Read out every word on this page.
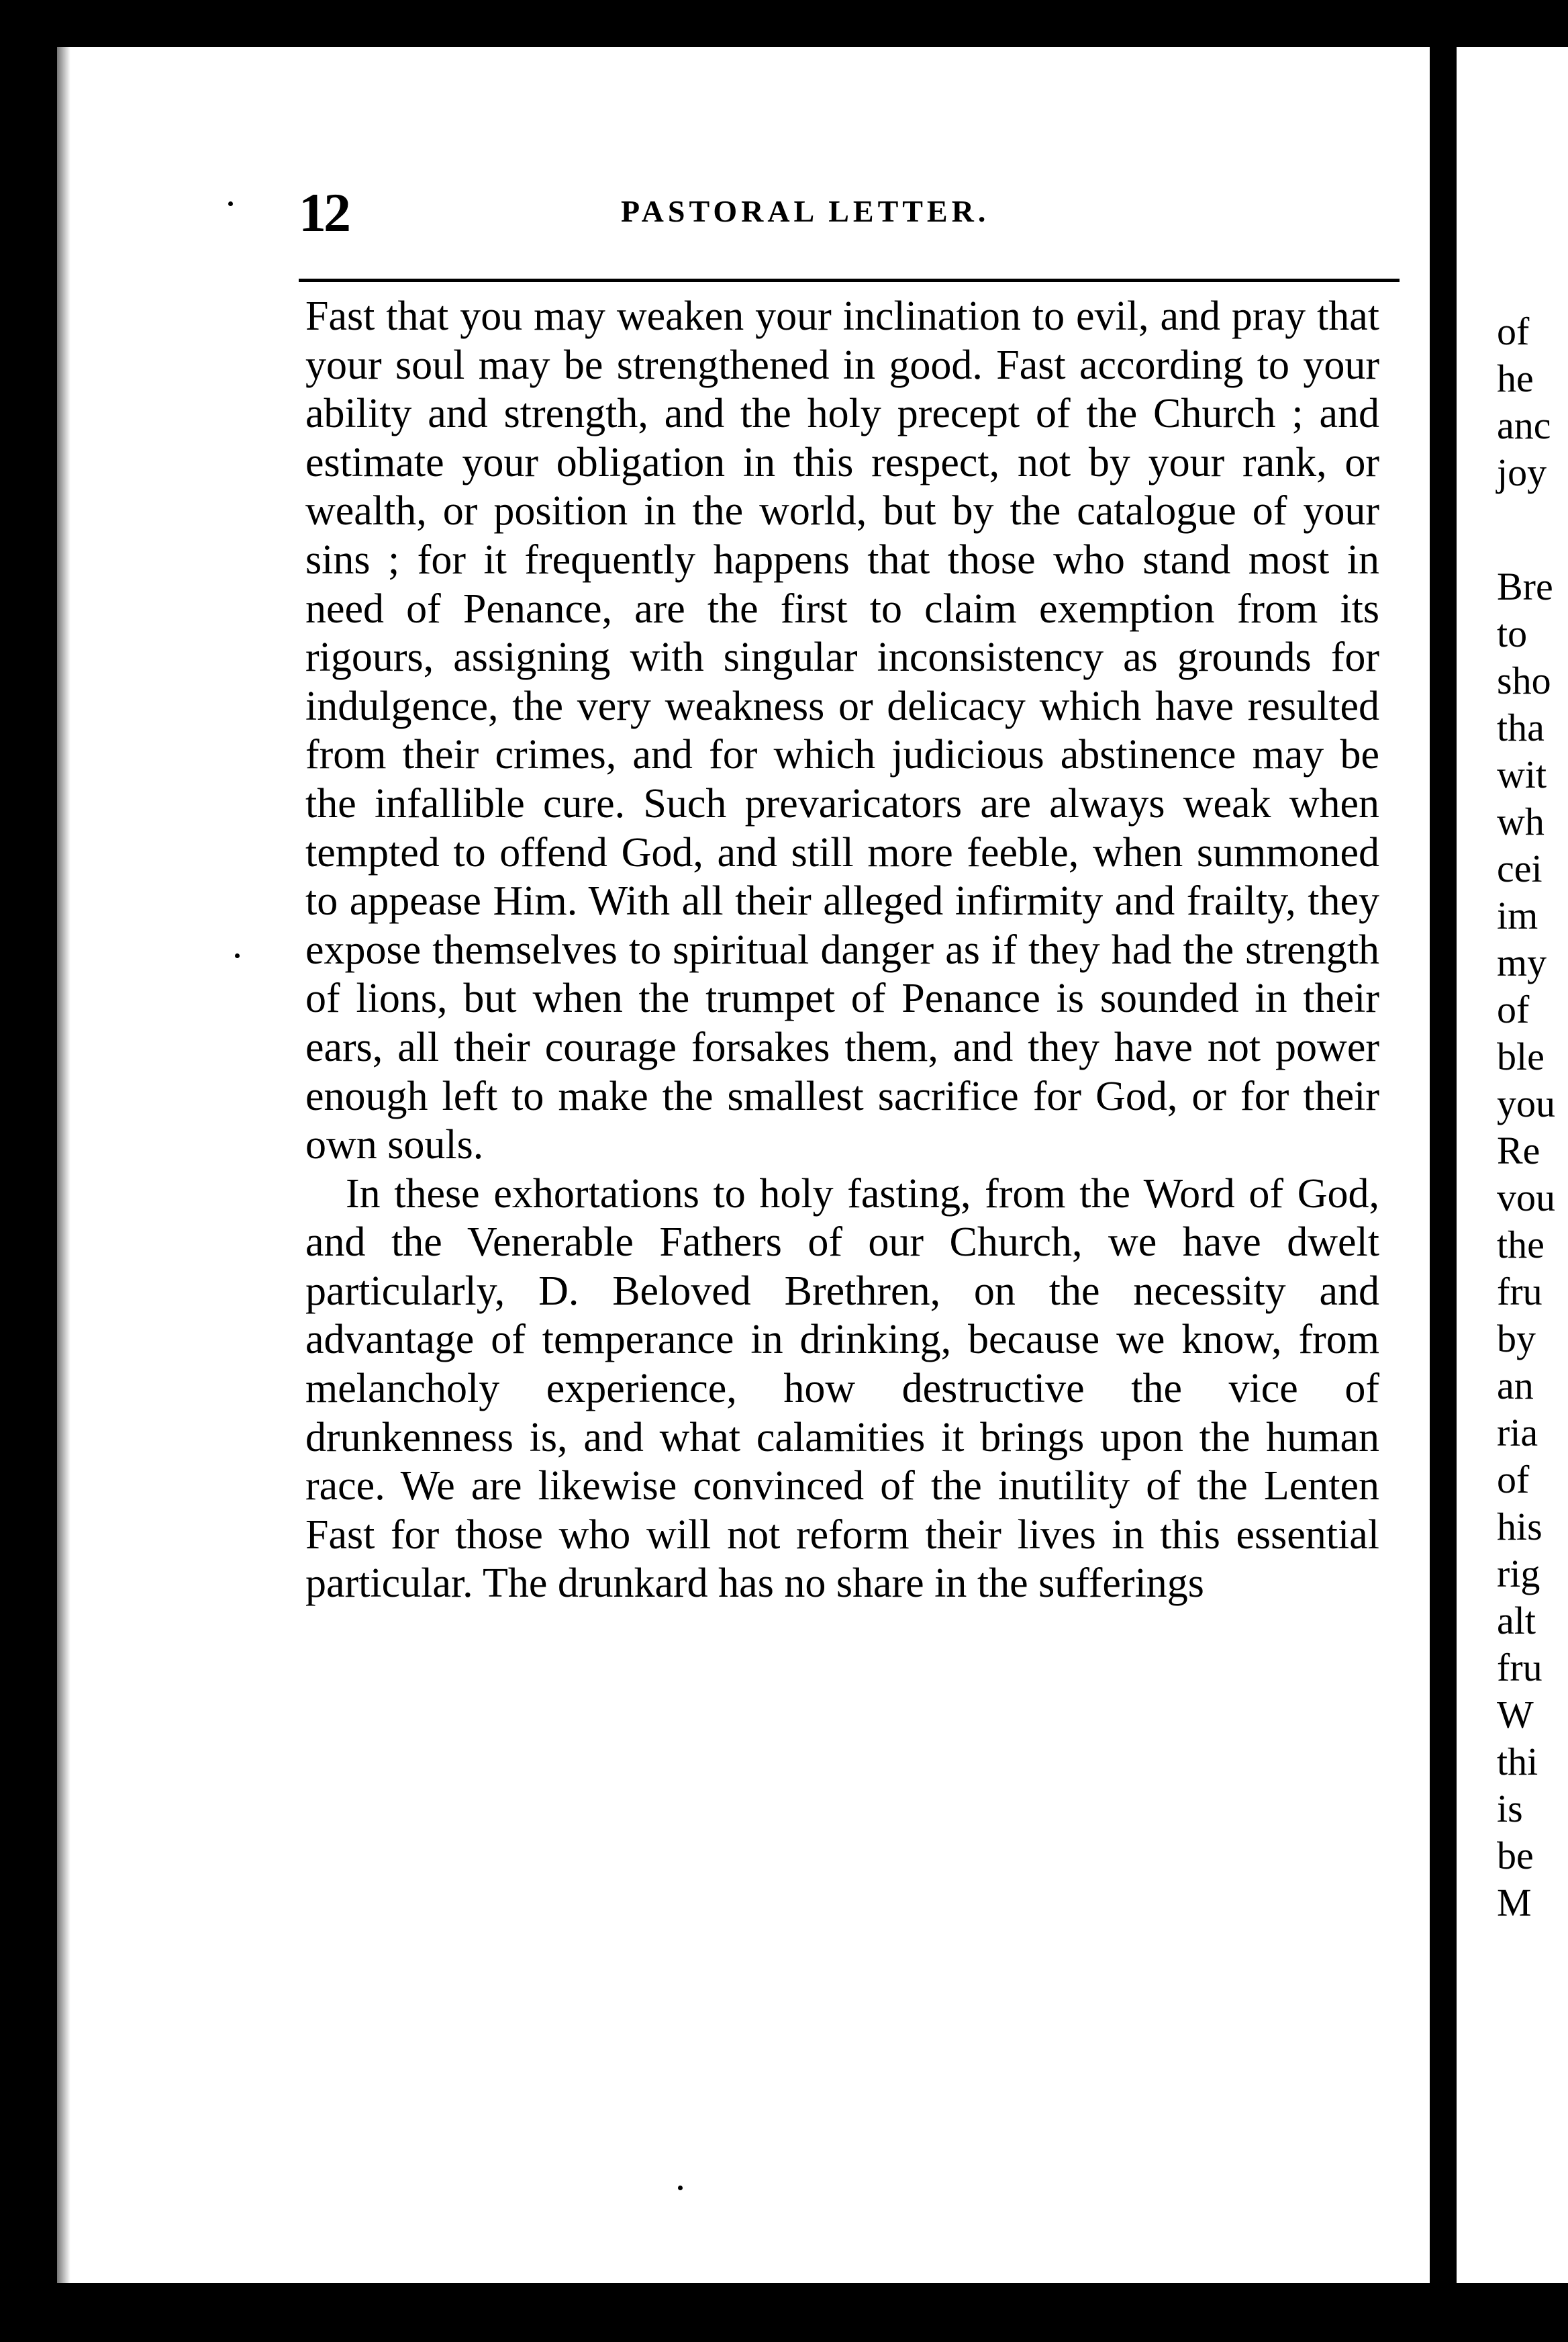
of
he
anc
joy
Bre
to
sho
tha
wit
wh
cei
im
my
of
ble
you
Re
vou
the
fru
by
an
ria
of
his
rig
alt
fru
W
thi
is
be
M
12	PASTORAL LETTER.

Fast that you may weaken your inclination to evil, and pray that your soul may be strengthened in good. Fast according to your ability and strength, and the holy precept of the Church ; and estimate your obligation in this respect, not by your rank, or wealth, or position in the world, but by the catalogue of your sins ; for it frequently happens that those who stand most in need of Penance, are the first to claim exemption from its rigours, assigning with singular inconsistency as grounds for indulgence, the very weakness or delicacy which have resulted from their crimes, and for which judicious abstinence may be the infallible cure. Such prevaricators are always weak when tempted to offend God, and still more feeble, when summoned to appease Him. With all their alleged infirmity and frailty, they expose themselves to spiritual danger as if they had the strength of lions, but when the trumpet of Penance is sounded in their ears, all their courage forsakes them, and they have not power enough left to make the smallest sacrifice for God, or for their own souls.

In these exhortations to holy fasting, from the Word of God, and the Venerable Fathers of our Church, we have dwelt particularly, D. Beloved Brethren, on the necessity and advantage of temperance in drinking, because we know, from melancholy experience, how destructive the vice of drunkenness is, and what calamities it brings upon the human race. We are likewise convinced of the inutility of the Lenten Fast for those who will not reform their lives in this essential particular. The drunkard has no share in the sufferings
